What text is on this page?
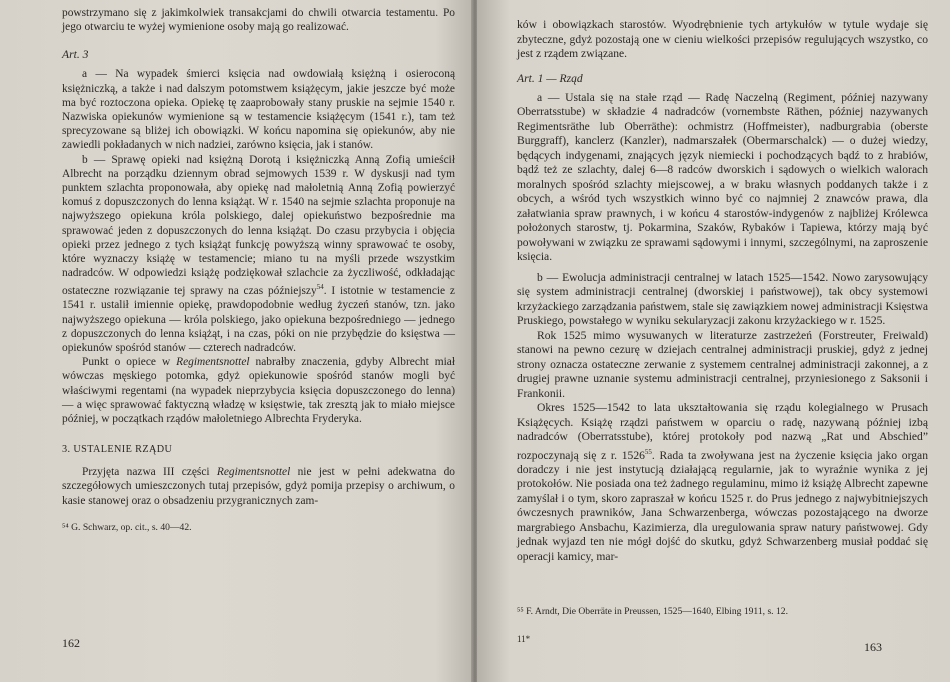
powstrzymano się z jakimkolwiek transakcjami do chwili otwarcia testamentu. Po jego otwarciu te wyżej wymienione osoby mają go realizować.

Art. 3

a — Na wypadek śmierci księcia nad owdowiałą księżną i osieroconą księżniczką, a także i nad dalszym potomstwem książęcym, jakie jeszcze być może ma być roztoczona opieka. Opiekę tę zaaprobowały stany pruskie na sejmie 1540 r. Nazwiska opiekunów wymienione są w testamencie książęcym (1541 r.), tam też sprecyzowane są bliżej ich obowiązki. W końcu napomina się opiekunów, aby nie zawiedli pokładanych w nich nadziei, zarówno księcia, jak i stanów.

b — Sprawę opieki nad księżną Dorotą i księżniczką Anną Zofią umieścił Albrecht na porządku dziennym obrad sejmowych 1539 r. W dyskusji nad tym punktem szlachta proponowała, aby opiekę nad małoletnią Anną Zofią powierzyć komuś z dopuszczonych do lenna książąt. W r. 1540 na sejmie szlachta proponuje na najwyższego opiekuna króla polskiego, dalej opiekuństwo bezpośrednie ma sprawować jeden z dopuszczonych do lenna książąt. Do czasu przybycia i objęcia opieki przez jednego z tych książąt funkcję powyższą winny sprawować te osoby, które wyznaczy książę w testamencie; miano tu na myśli przede wszystkim nadradców. W odpowiedzi książę podziękował szlachcie za życzliwość, odkładając ostateczne rozwiązanie tej sprawy na czas późniejszy$^{54}$. I istotnie w testamencie z 1541 r. ustalił imiennie opiekę, prawdopodobnie według życzeń stanów, tzn. jako najwyższego opiekuna — króla polskiego, jako opiekuna bezpośredniego — jednego z dopuszczonych do lenna książąt, i na czas, póki on nie przybędzie do księstwa — opiekunów spośród stanów — czterech nadradców.

Punkt o opiece w Regimentsnottel nabrałby znaczenia, gdyby Albrecht miał wówczas męskiego potomka, gdyż opiekunowie spośród stanów mogli być właściwymi regentami (na wypadek nieprzybycia księcia dopuszczonego do lenna) — a więc sprawować faktyczną władzę w księstwie, tak zresztą jak to miało miejsce później, w początkach rządów małoletniego Albrechta Fryderyka.

3. USTALENIE RZĄDU

Przyjęta nazwa III części Regimentsnottel nie jest w pełni adekwatna do szczegółowych umieszczonych tutaj przepisów, gdyż pomija przepisy o archiwum, o kasie stanowej oraz o obsadzeniu przygranicznych zam-

⁵⁴ G. Schwarz, op. cit., s. 40—42.
162

ków i obowiązkach starostów. Wyodrębnienie tych artykułów w tytule wydaje się zbyteczne, gdyż pozostają one w cieniu wielkości przepisów regulujących wszystko, co jest z rządem związane.

Art. 1 — Rząd

a — Ustala się na stałe rząd — Radę Naczelną (Regiment, później nazywany Oberratsstube) w składzie 4 nadradców (vornembste Räthen, później nazywanych Regimentsräthe lub Oberräthe): ochmistrz (Hoffmeister), nadburgrabia (oberste Burggraff), kanclerz (Kanzler), nadmarszałek (Obermarschalck) — o dużej wiedzy, będących indygenami, znających język niemiecki i pochodzących bądź to z hrabiów, bądź też ze szlachty, dalej 6—8 radców dworskich i sądowych o wielkich walorach moralnych spośród szlachty miejscowej, a w braku własnych poddanych także i z obcych, a wśród tych wszystkich winno być co najmniej 2 znawców prawa, dla załatwiania spraw prawnych, i w końcu 4 starostów-indygenów z najbliżej Królewca położonych starostw, tj. Pokarmina, Szaków, Rybaków i Tapiewa, którzy mają być powoływani w związku ze sprawami sądowymi i innymi, szczególnymi, na zaproszenie księcia.

b — Ewolucja administracji centralnej w latach 1525—1542. Nowo zarysowujący się system administracji centralnej (dworskiej i państwowej), tak obcy systemowi krzyżackiego zarządzania państwem, stale się zawiązkiem nowej administracji Księstwa Pruskiego, powstałego w wyniku sekularyzacji zakonu krzyżackiego w r. 1525.

Rok 1525 mimo wysuwanych w literaturze zastrzeżeń (Forstreuter, Freiwald) stanowi na pewno cezurę w dziejach centralnej administracji pruskiej, gdyż z jednej strony oznacza ostateczne zerwanie z systemem centralnej administracji zakonnej, a z drugiej prawne uznanie systemu administracji centralnej, przyniesionego z Saksonii i Frankonii.

Okres 1525—1542 to lata ukształtowania się rządu kolegialnego w Prusach Książęcych. Książę rządzi państwem w oparciu o radę, nazywaną później izbą nadradców (Oberratsstube), której protokoły pod nazwą „Rat und Abschied” rozpoczynają się z r. 1526$^{55}$. Rada ta zwoływana jest na życzenie księcia jako organ doradczy i nie jest instytucją działającą regularnie, jak to wyraźnie wynika z jej protokołów. Nie posiada ona też żadnego regulaminu, mimo iż książę Albrecht zapewne zamyślał i o tym, skoro zapraszał w końcu 1525 r. do Prus jednego z najwybitniejszych ówczesnych prawników, Jana Schwarzenberga, wówczas pozostającego na dworze margrabiego Ansbachu, Kazimierza, dla uregulowania spraw natury państwowej. Gdy jednak wyjazd ten nie mógł dojść do skutku, gdyż Schwarzenberg musiał poddać się operacji kamicy, mar-

⁵⁵ F. Arndt, Die Oberräte in Preussen, 1525—1640, Elbing 1911, s. 12.
11*
163
